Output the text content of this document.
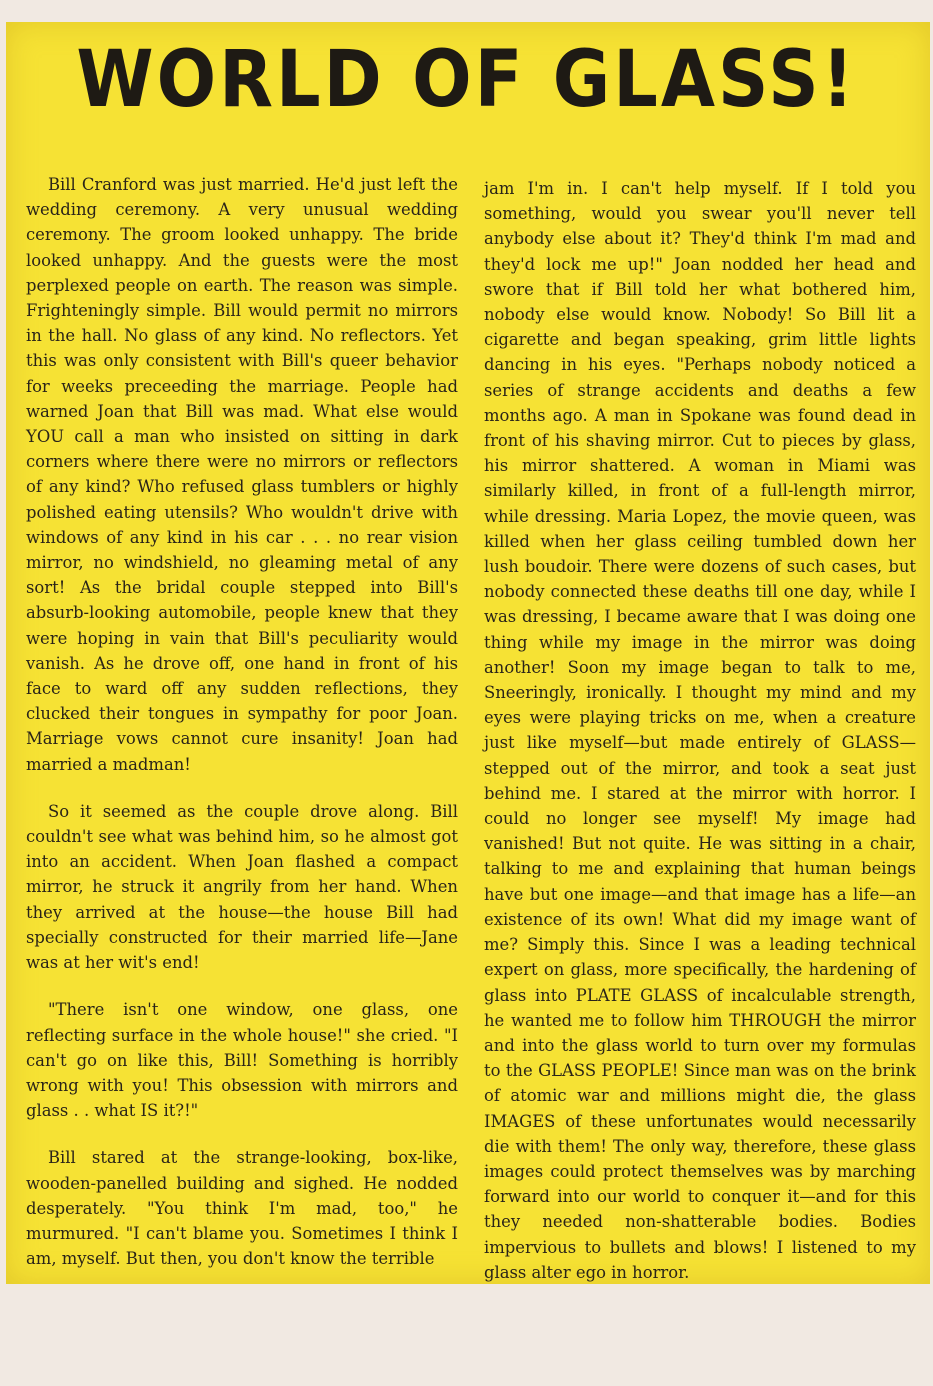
WORLD OF GLASS!

Bill Cranford was just married. He'd just left the wedding ceremony. A very unusual wedding ceremony. The groom looked unhappy. The bride looked unhappy. And the guests were the most perplexed people on earth. The reason was simple. Frighteningly simple. Bill would permit no mirrors in the hall. No glass of any kind. No reflectors. Yet this was only consistent with Bill's queer behavior for weeks preceeding the marriage. People had warned Joan that Bill was mad. What else would YOU call a man who insisted on sitting in dark corners where there were no mirrors or reflectors of any kind? Who refused glass tumblers or highly polished eating utensils? Who wouldn't drive with windows of any kind in his car . . . no rear vision mirror, no windshield, no gleaming metal of any sort! As the bridal couple stepped into Bill's absurb-looking automobile, people knew that they were hoping in vain that Bill's peculiarity would vanish. As he drove off, one hand in front of his face to ward off any sudden reflections, they clucked their tongues in sympathy for poor Joan. Marriage vows cannot cure insanity! Joan had married a madman!

So it seemed as the couple drove along. Bill couldn't see what was behind him, so he almost got into an accident. When Joan flashed a compact mirror, he struck it angrily from her hand. When they arrived at the house—the house Bill had specially constructed for their married life—Jane was at her wit's end!

"There isn't one window, one glass, one reflecting surface in the whole house!" she cried. "I can't go on like this, Bill! Something is horribly wrong with you! This obsession with mirrors and glass . . what IS it?!"

Bill stared at the strange-looking, box-like, wooden-panelled building and sighed. He nodded desperately. "You think I'm mad, too," he murmured. "I can't blame you. Sometimes I think I am, myself. But then, you don't know the terrible

jam I'm in. I can't help myself. If I told you something, would you swear you'll never tell anybody else about it? They'd think I'm mad and they'd lock me up!" Joan nodded her head and swore that if Bill told her what bothered him, nobody else would know. Nobody! So Bill lit a cigarette and began speaking, grim little lights dancing in his eyes. "Perhaps nobody noticed a series of strange accidents and deaths a few months ago. A man in Spokane was found dead in front of his shaving mirror. Cut to pieces by glass, his mirror shattered. A woman in Miami was similarly killed, in front of a full-length mirror, while dressing. Maria Lopez, the movie queen, was killed when her glass ceiling tumbled down her lush boudoir. There were dozens of such cases, but nobody connected these deaths till one day, while I was dressing, I became aware that I was doing one thing while my image in the mirror was doing another! Soon my image began to talk to me, Sneeringly, ironically. I thought my mind and my eyes were playing tricks on me, when a creature just like myself—but made entirely of GLASS—stepped out of the mirror, and took a seat just behind me. I stared at the mirror with horror. I could no longer see myself! My image had vanished! But not quite. He was sitting in a chair, talking to me and explaining that human beings have but one image—and that image has a life—an existence of its own! What did my image want of me? Simply this. Since I was a leading technical expert on glass, more specifically, the hardening of glass into PLATE GLASS of incalculable strength, he wanted me to follow him THROUGH the mirror and into the glass world to turn over my formulas to the GLASS PEOPLE! Since man was on the brink of atomic war and millions might die, the glass IMAGES of these unfortunates would necessarily die with them! The only way, therefore, these glass images could protect themselves was by marching forward into our world to conquer it—and for this they needed non-shatterable bodies. Bodies impervious to bullets and blows! I listened to my glass alter ego in horror.
